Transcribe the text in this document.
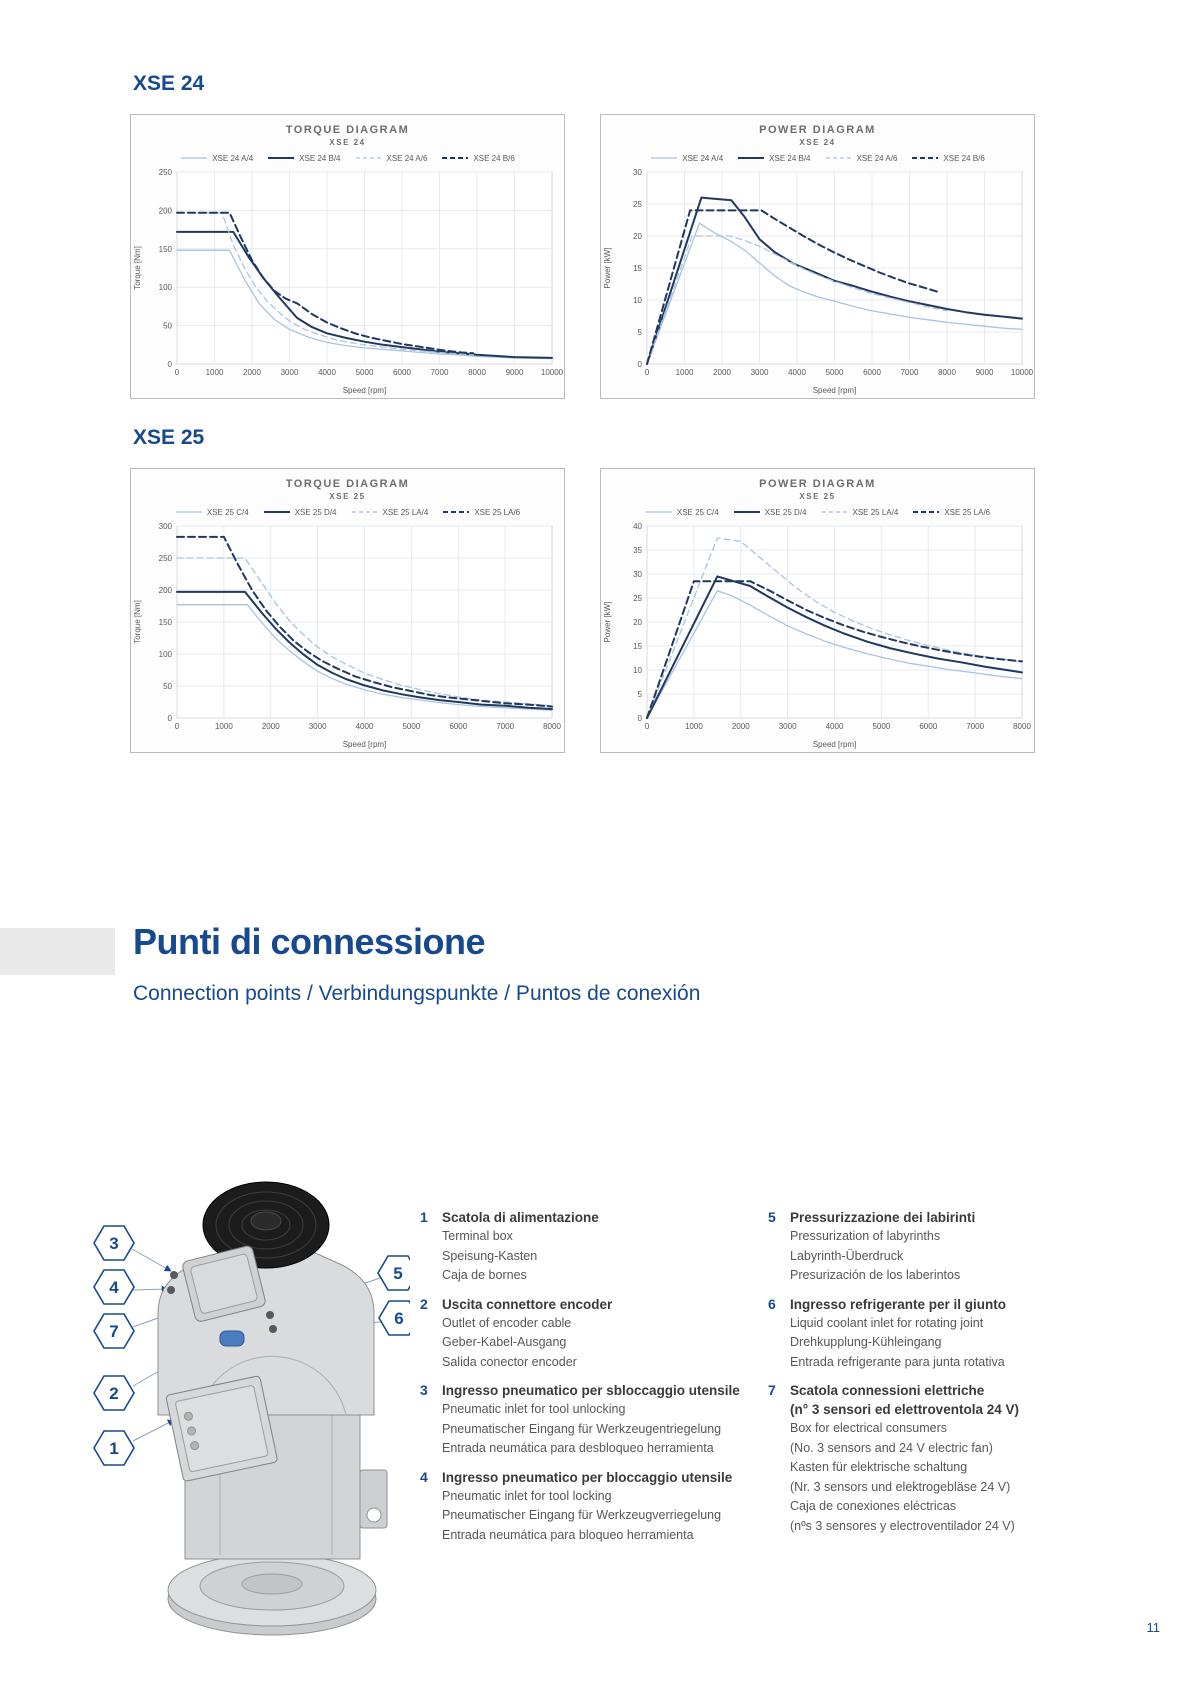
XSE 24
TORQUE DIAGRAM
XSE 24
XSE 24 A/4	XSE 24 B/4	XSE 24 A/6	XSE 24 B/6
0	1000 2000 3000 4000 5000 6000 7000 8000 9000 10000
0
50
100
150
200
250
Speed [rpm]
Torque [Nm]
POWER DIAGRAM
XSE 24
XSE 24 A/4	XSE 24 B/4	XSE 24 A/6	XSE 24 B/6
0	1000 2000 3000 4000 5000 6000 7000 8000 9000 10000
0
5
10
15
20
25
30
Speed [rpm]
Power [kW]
XSE 25
TORQUE DIAGRAM
XSE 25
XSE 25 C/4	XSE 25 D/4	XSE 25 LA/4	XSE 25 LA/6
0	1000	2000	3000	4000	5000	6000	7000	8000
0
50
100
150
200
250
300
Speed [rpm]
Torque [Nm]
POWER DIAGRAM
XSE 25
XSE 25 C/4	XSE 25 D/4	XSE 25 LA/4	XSE 25 LA/6
0	1000	2000	3000	4000	5000	6000	7000	8000
0
5
10
15
20
25
30
35
40
Speed [rpm]
Power [kW]
Punti di connessione
Connection points / Verbindungspunkte / Puntos de conexión
3
4
7
2
1
5
6
1	Scatola di alimentazione
Terminal box
Speisung-Kasten
Caja de bornes
2	Uscita connettore encoder
Outlet of encoder cable
Geber-Kabel-Ausgang
Salida conector encoder
3	Ingresso pneumatico per sbloccaggio utensile
Pneumatic inlet for tool unlocking
Pneumatischer Eingang für Werkzeugentriegelung
Entrada neumática para desbloqueo herramienta
4	Ingresso pneumatico per bloccaggio utensile
Pneumatic inlet for tool locking
Pneumatischer Eingang für Werkzeugverriegelung
Entrada neumática para bloqueo herramienta
5	Pressurizzazione dei labirinti
Pressurization of labyrinths
Labyrinth-Überdruck
Presurización de los laberintos
6	Ingresso refrigerante per il giunto
Liquid coolant inlet for rotating joint
Drehkupplung-Kühleingang
Entrada refrigerante para junta rotativa
7	Scatola connessioni elettriche
(n° 3 sensori ed elettroventola 24 V)
Box for electrical consumers
(No. 3 sensors and 24 V electric fan)
Kasten für elektrische schaltung
(Nr. 3 sensors und elektrogebläse 24 V)
Caja de conexiones eléctricas
(nºs 3 sensores y electroventilador 24 V)
11
